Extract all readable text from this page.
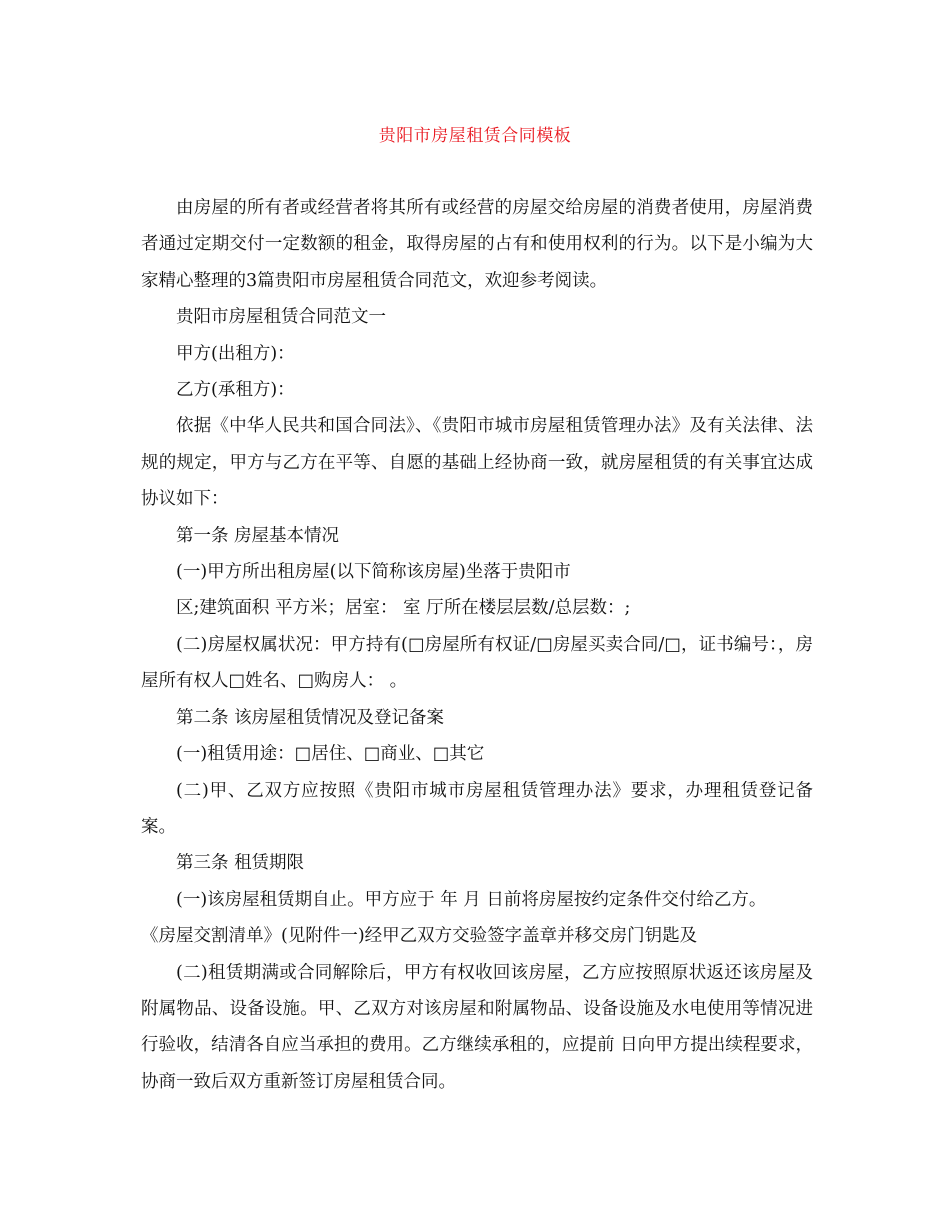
贵阳市房屋租赁合同模板

由房屋的所有者或经营者将其所有或经营的房屋交给房屋的消费者使用，房屋消费者通过定期交付一定数额的租金，取得房屋的占有和使用权利的行为。以下是小编为大家精心整理的3篇贵阳市房屋租赁合同范文，欢迎参考阅读。

贵阳市房屋租赁合同范文一

甲方(出租方)：

乙方(承租方)：

依据《中华人民共和国合同法》、《贵阳市城市房屋租赁管理办法》及有关法律、法规的规定，甲方与乙方在平等、自愿的基础上经协商一致，就房屋租赁的有关事宜达成协议如下：

第一条 房屋基本情况

(一)甲方所出租房屋(以下简称该房屋)坐落于贵阳市

区;建筑面积 平方米；居室： 室 厅所在楼层层数/总层数：;

(二)房屋权属状况：甲方持有(□房屋所有权证/□房屋买卖合同/□，证书编号：，房屋所有权人□姓名、□购房人： 。

第二条 该房屋租赁情况及登记备案

(一)租赁用途：□居住、□商业、□其它

(二)甲、乙双方应按照《贵阳市城市房屋租赁管理办法》要求，办理租赁登记备案。

第三条 租赁期限

(一)该房屋租赁期自止。甲方应于 年 月 日前将房屋按约定条件交付给乙方。

《房屋交割清单》(见附件一)经甲乙双方交验签字盖章并移交房门钥匙及

(二)租赁期满或合同解除后，甲方有权收回该房屋，乙方应按照原状返还该房屋及附属物品、设备设施。甲、乙双方对该房屋和附属物品、设备设施及水电使用等情况进行验收，结清各自应当承担的费用。乙方继续承租的，应提前 日向甲方提出续程要求，协商一致后双方重新签订房屋租赁合同。
